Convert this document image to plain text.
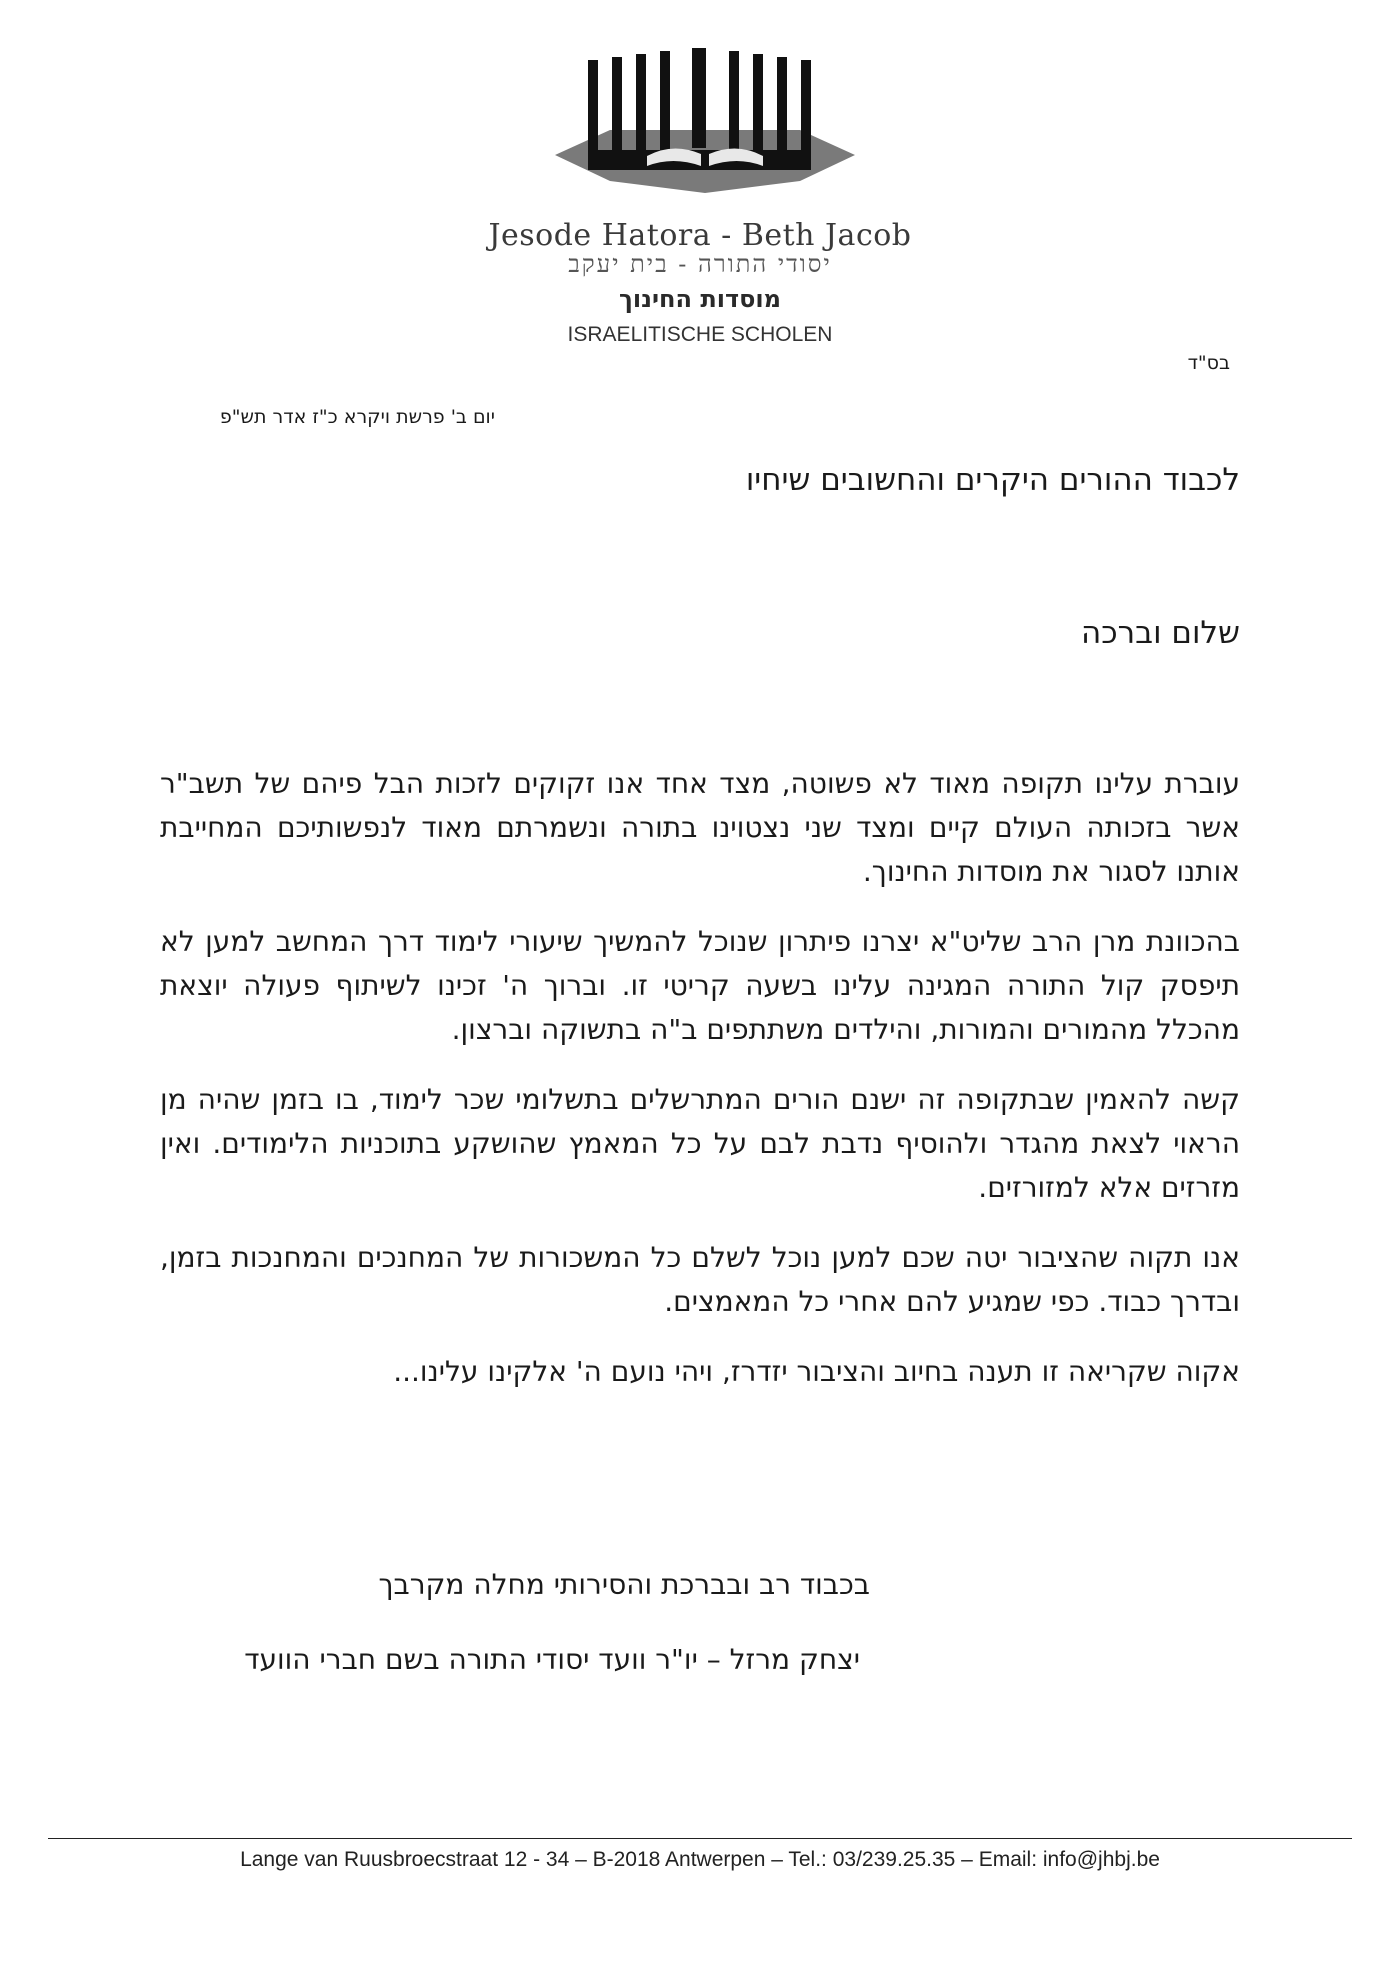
Jesode Hatora - Beth Jacob
יסודי התורה - בית יעקב
מוסדות החינוך
ISRAELITISCHE SCHOLEN
בס"ד
יום ב' פרשת ויקרא כ"ז אדר תש"פ
לכבוד ההורים היקרים והחשובים שיחיו
שלום וברכה

עוברת עלינו תקופה מאוד לא פשוטה, מצד אחד אנו זקוקים לזכות הבל פיהם של תשב"ר אשר בזכותה העולם קיים ומצד שני נצטוינו בתורה ונשמרתם מאוד לנפשותיכם המחייבת אותנו לסגור את מוסדות החינוך.

בהכוונת מרן הרב שליט"א יצרנו פיתרון שנוכל להמשיך שיעורי לימוד דרך המחשב למען לא תיפסק קול התורה המגינה עלינו בשעה קריטי זו. וברוך ה' זכינו לשיתוף פעולה יוצאת מהכלל מהמורים והמורות, והילדים משתתפים ב"ה בתשוקה וברצון.

קשה להאמין שבתקופה זה ישנם הורים המתרשלים בתשלומי שכר לימוד, בו בזמן שהיה מן הראוי לצאת מהגדר ולהוסיף נדבת לבם על כל המאמץ שהושקע בתוכניות הלימודים. ואין מזרזים אלא למזורזים.

אנו תקוה שהציבור יטה שכם למען נוכל לשלם כל המשכורות של המחנכים והמחנכות בזמן, ובדרך כבוד. כפי שמגיע להם אחרי כל המאמצים.

אקוה שקריאה זו תענה בחיוב והציבור יזדרז, ויהי נועם ה' אלקינו עלינו...

בכבוד רב ובברכת והסירותי מחלה מקרבך
יצחק מרזל – יו"ר וועד יסודי התורה בשם חברי הוועד
Lange van Ruusbroecstraat 12 - 34 – B-2018 Antwerpen – Tel.: 03/239.25.35 – Email: info@jhbj.be
